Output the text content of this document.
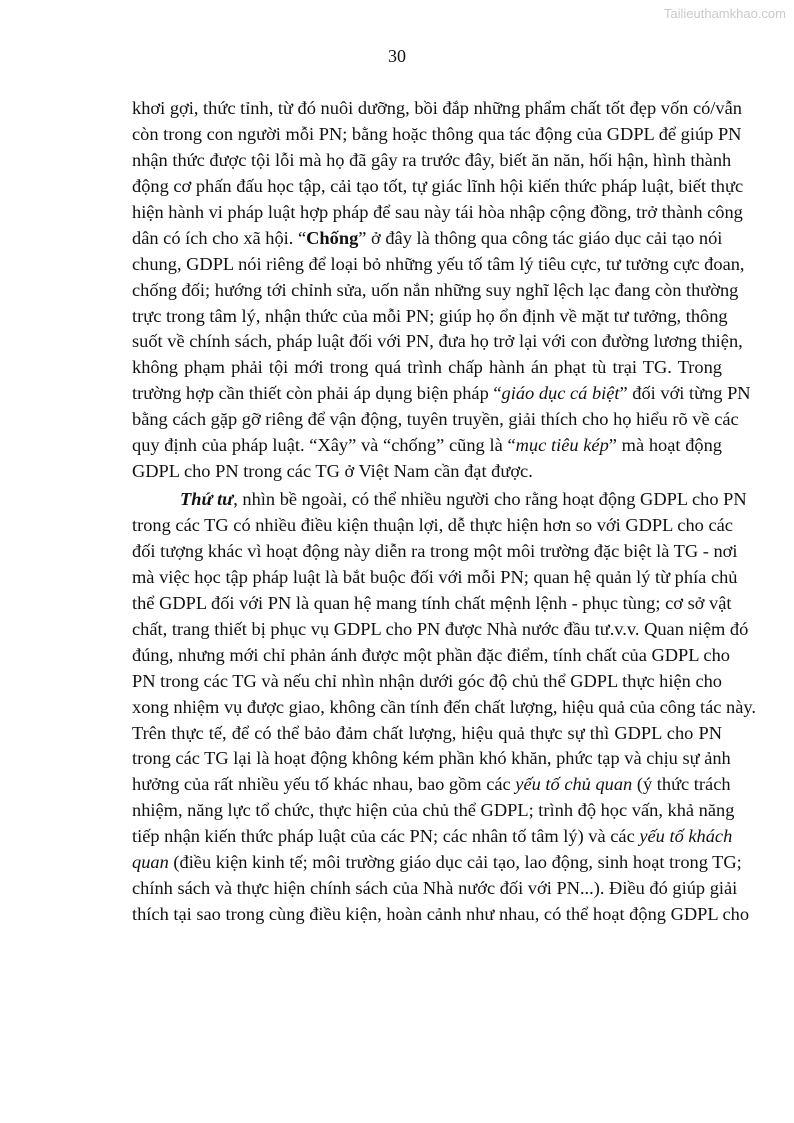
Tailieuthamkhao.com
30
khơi gợi, thức tỉnh, từ đó nuôi dưỡng, bồi đắp những phẩm chất tốt đẹp vốn có/vẫn
còn trong con người mỗi PN; bằng hoặc thông qua tác động của GDPL để giúp PN
nhận thức được tội lỗi mà họ đã gây ra trước đây, biết ăn năn, hối hận, hình thành
động cơ phấn đấu học tập, cải tạo tốt, tự giác lĩnh hội kiến thức pháp luật, biết thực
hiện hành vi pháp luật hợp pháp để sau này tái hòa nhập cộng đồng, trở thành công
dân có ích cho xã hội. “Chống” ở đây là thông qua công tác giáo dục cải tạo nói
chung, GDPL nói riêng để loại bỏ những yếu tố tâm lý tiêu cực, tư tưởng cực đoan,
chống đối; hướng tới chỉnh sửa, uốn nắn những suy nghĩ lệch lạc đang còn thường
trực trong tâm lý, nhận thức của mỗi PN; giúp họ ổn định về mặt tư tưởng, thông
suốt về chính sách, pháp luật đối với PN, đưa họ trở lại với con đường lương thiện,
không phạm phải tội mới trong quá trình chấp hành án phạt tù trại TG. Trong
trường hợp cần thiết còn phải áp dụng biện pháp “giáo dục cá biệt” đối với từng PN
bằng cách gặp gỡ riêng để vận động, tuyên truyền, giải thích cho họ hiểu rõ về các
quy định của pháp luật. “Xây” và “chống” cũng là “mục tiêu kép” mà hoạt động
GDPL cho PN trong các TG ở Việt Nam cần đạt được.
Thứ tư, nhìn bề ngoài, có thể nhiều người cho rằng hoạt động GDPL cho PN
trong các TG có nhiều điều kiện thuận lợi, dễ thực hiện hơn so với GDPL cho các
đối tượng khác vì hoạt động này diễn ra trong một môi trường đặc biệt là TG - nơi
mà việc học tập pháp luật là bắt buộc đối với mỗi PN; quan hệ quản lý từ phía chủ
thể GDPL đối với PN là quan hệ mang tính chất mệnh lệnh - phục tùng; cơ sở vật
chất, trang thiết bị phục vụ GDPL cho PN được Nhà nước đầu tư.v.v. Quan niệm đó
đúng, nhưng mới chỉ phản ánh được một phần đặc điểm, tính chất của GDPL cho
PN trong các TG và nếu chỉ nhìn nhận dưới góc độ chủ thể GDPL thực hiện cho
xong nhiệm vụ được giao, không cần tính đến chất lượng, hiệu quả của công tác này.
Trên thực tế, để có thể bảo đảm chất lượng, hiệu quả thực sự thì GDPL cho PN
trong các TG lại là hoạt động không kém phần khó khăn, phức tạp và chịu sự ảnh
hưởng của rất nhiều yếu tố khác nhau, bao gồm các yếu tố chủ quan (ý thức trách
nhiệm, năng lực tổ chức, thực hiện của chủ thể GDPL; trình độ học vấn, khả năng
tiếp nhận kiến thức pháp luật của các PN; các nhân tố tâm lý) và các yếu tố khách
quan (điều kiện kinh tế; môi trường giáo dục cải tạo, lao động, sinh hoạt trong TG;
chính sách và thực hiện chính sách của Nhà nước đối với PN...). Điều đó giúp giải
thích tại sao trong cùng điều kiện, hoàn cảnh như nhau, có thể hoạt động GDPL cho
